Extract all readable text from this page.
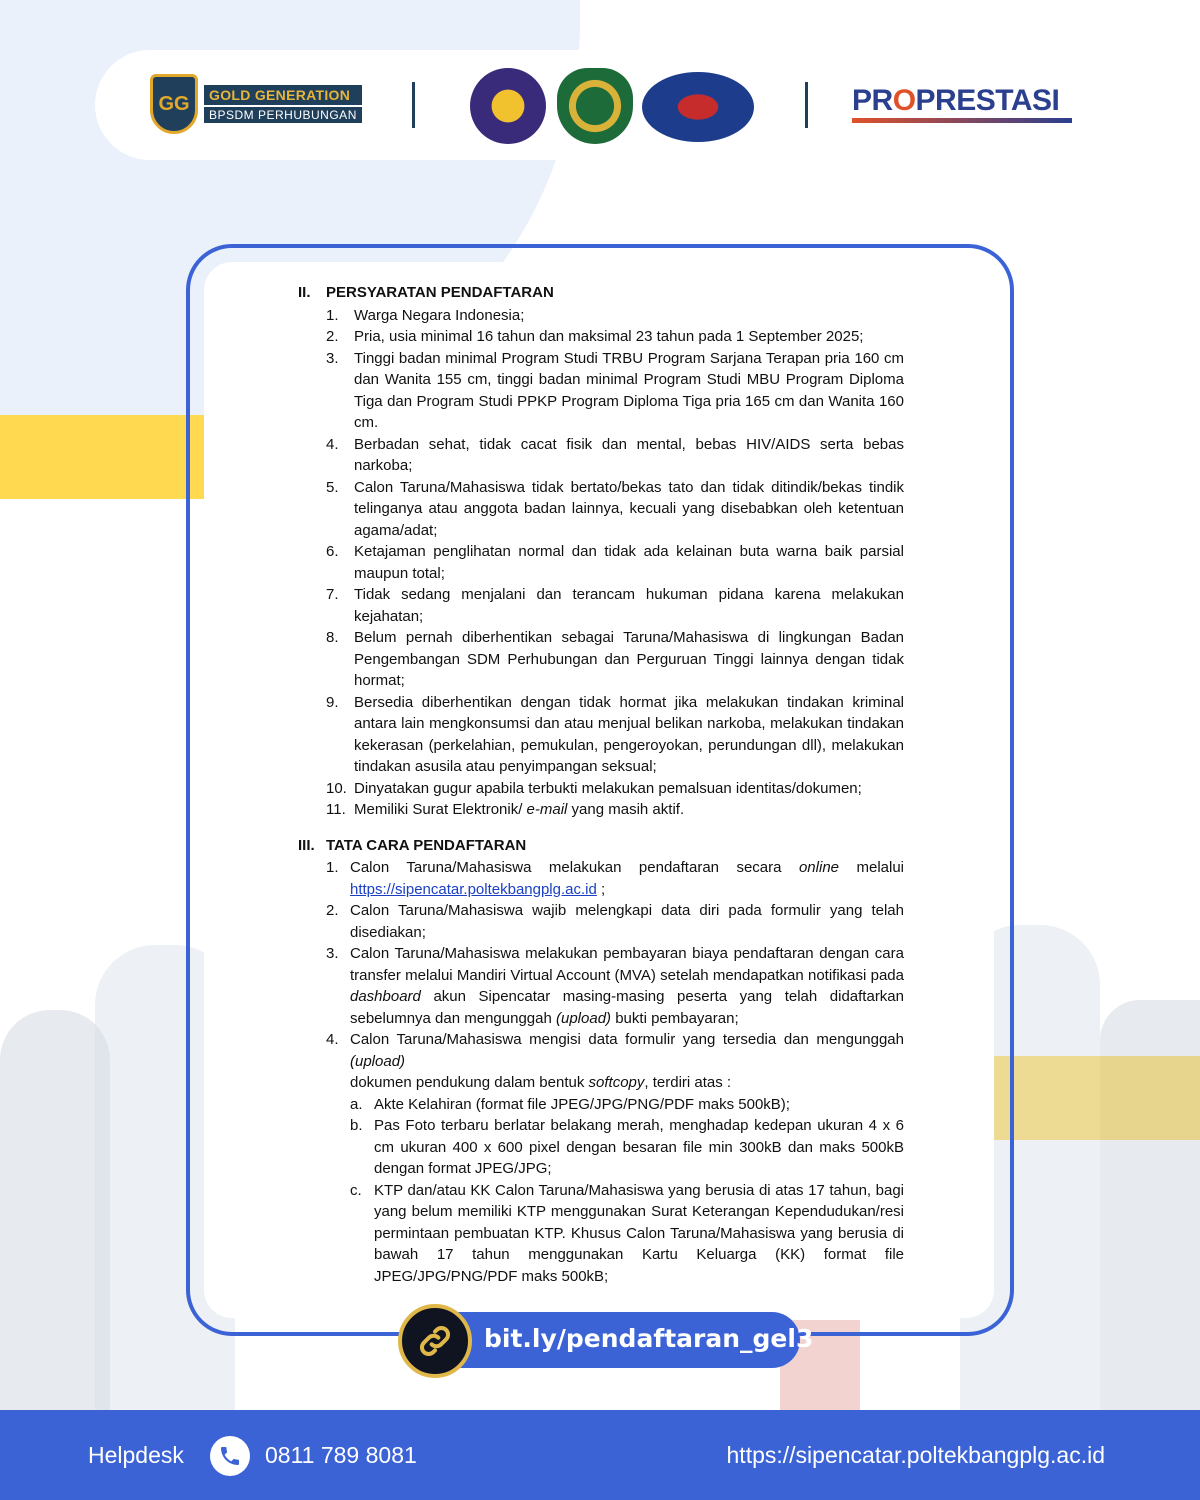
GG	GOLD GENERATION
BPSDM PERHUBUNGAN	PROPRESTASI
II.	PERSYARATAN PENDAFTARAN
1.	Warga Negara Indonesia;
2.	Pria, usia minimal 16 tahun dan maksimal 23 tahun pada 1 September 2025;
3.	Tinggi badan minimal Program Studi TRBU Program Sarjana Terapan pria 160 cm dan Wanita 155 cm, tinggi badan minimal Program Studi MBU Program Diploma Tiga dan Program Studi PPKP Program Diploma Tiga pria 165 cm dan Wanita 160 cm.
4.	Berbadan sehat, tidak cacat fisik dan mental, bebas HIV/AIDS serta bebas narkoba;
5.	Calon Taruna/Mahasiswa tidak bertato/bekas tato dan tidak ditindik/bekas tindik telinganya atau anggota badan lainnya, kecuali yang disebabkan oleh ketentuan agama/adat;
6.	Ketajaman penglihatan normal dan tidak ada kelainan buta warna baik parsial maupun total;
7.	Tidak sedang menjalani dan terancam hukuman pidana karena melakukan kejahatan;
8.	Belum pernah diberhentikan sebagai Taruna/Mahasiswa di lingkungan Badan Pengembangan SDM Perhubungan dan Perguruan Tinggi lainnya dengan tidak hormat;
9.	Bersedia diberhentikan dengan tidak hormat jika melakukan tindakan kriminal antara lain mengkonsumsi dan atau menjual belikan narkoba, melakukan tindakan kekerasan (perkelahian, pemukulan, pengeroyokan, perundungan dll), melakukan tindakan asusila atau penyimpangan seksual;
10. Dinyatakan gugur apabila terbukti melakukan pemalsuan identitas/dokumen;
11. Memiliki Surat Elektronik/ e-mail yang masih aktif.
III. TATA CARA PENDAFTARAN
1. Calon Taruna/Mahasiswa melakukan pendaftaran secara online melalui https://sipencatar.poltekbangplg.ac.id ;
2. Calon Taruna/Mahasiswa wajib melengkapi data diri pada formulir yang telah disediakan;
3. Calon Taruna/Mahasiswa melakukan pembayaran biaya pendaftaran dengan cara transfer melalui Mandiri Virtual Account (MVA) setelah mendapatkan notifikasi pada dashboard akun Sipencatar masing-masing peserta yang telah didaftarkan sebelumnya dan mengunggah (upload) bukti pembayaran;
4. Calon Taruna/Mahasiswa mengisi data formulir yang tersedia dan mengunggah (upload)
dokumen pendukung dalam bentuk softcopy, terdiri atas :
a. Akte Kelahiran (format file JPEG/JPG/PNG/PDF maks 500kB);
b. Pas Foto terbaru berlatar belakang merah, menghadap kedepan ukuran 4 x 6 cm ukuran 400 x 600 pixel dengan besaran file min 300kB dan maks 500kB dengan format JPEG/JPG;
c. KTP dan/atau KK Calon Taruna/Mahasiswa yang berusia di atas 17 tahun, bagi yang belum memiliki KTP menggunakan Surat Keterangan Kependudukan/resi permintaan pembuatan KTP. Khusus Calon Taruna/Mahasiswa yang berusia di bawah 17 tahun menggunakan Kartu Keluarga (KK) format file JPEG/JPG/PNG/PDF maks 500kB;
bit.ly/pendaftaran_gel3
Helpdesk	0811 789 8081	https://sipencatar.poltekbangplg.ac.id
